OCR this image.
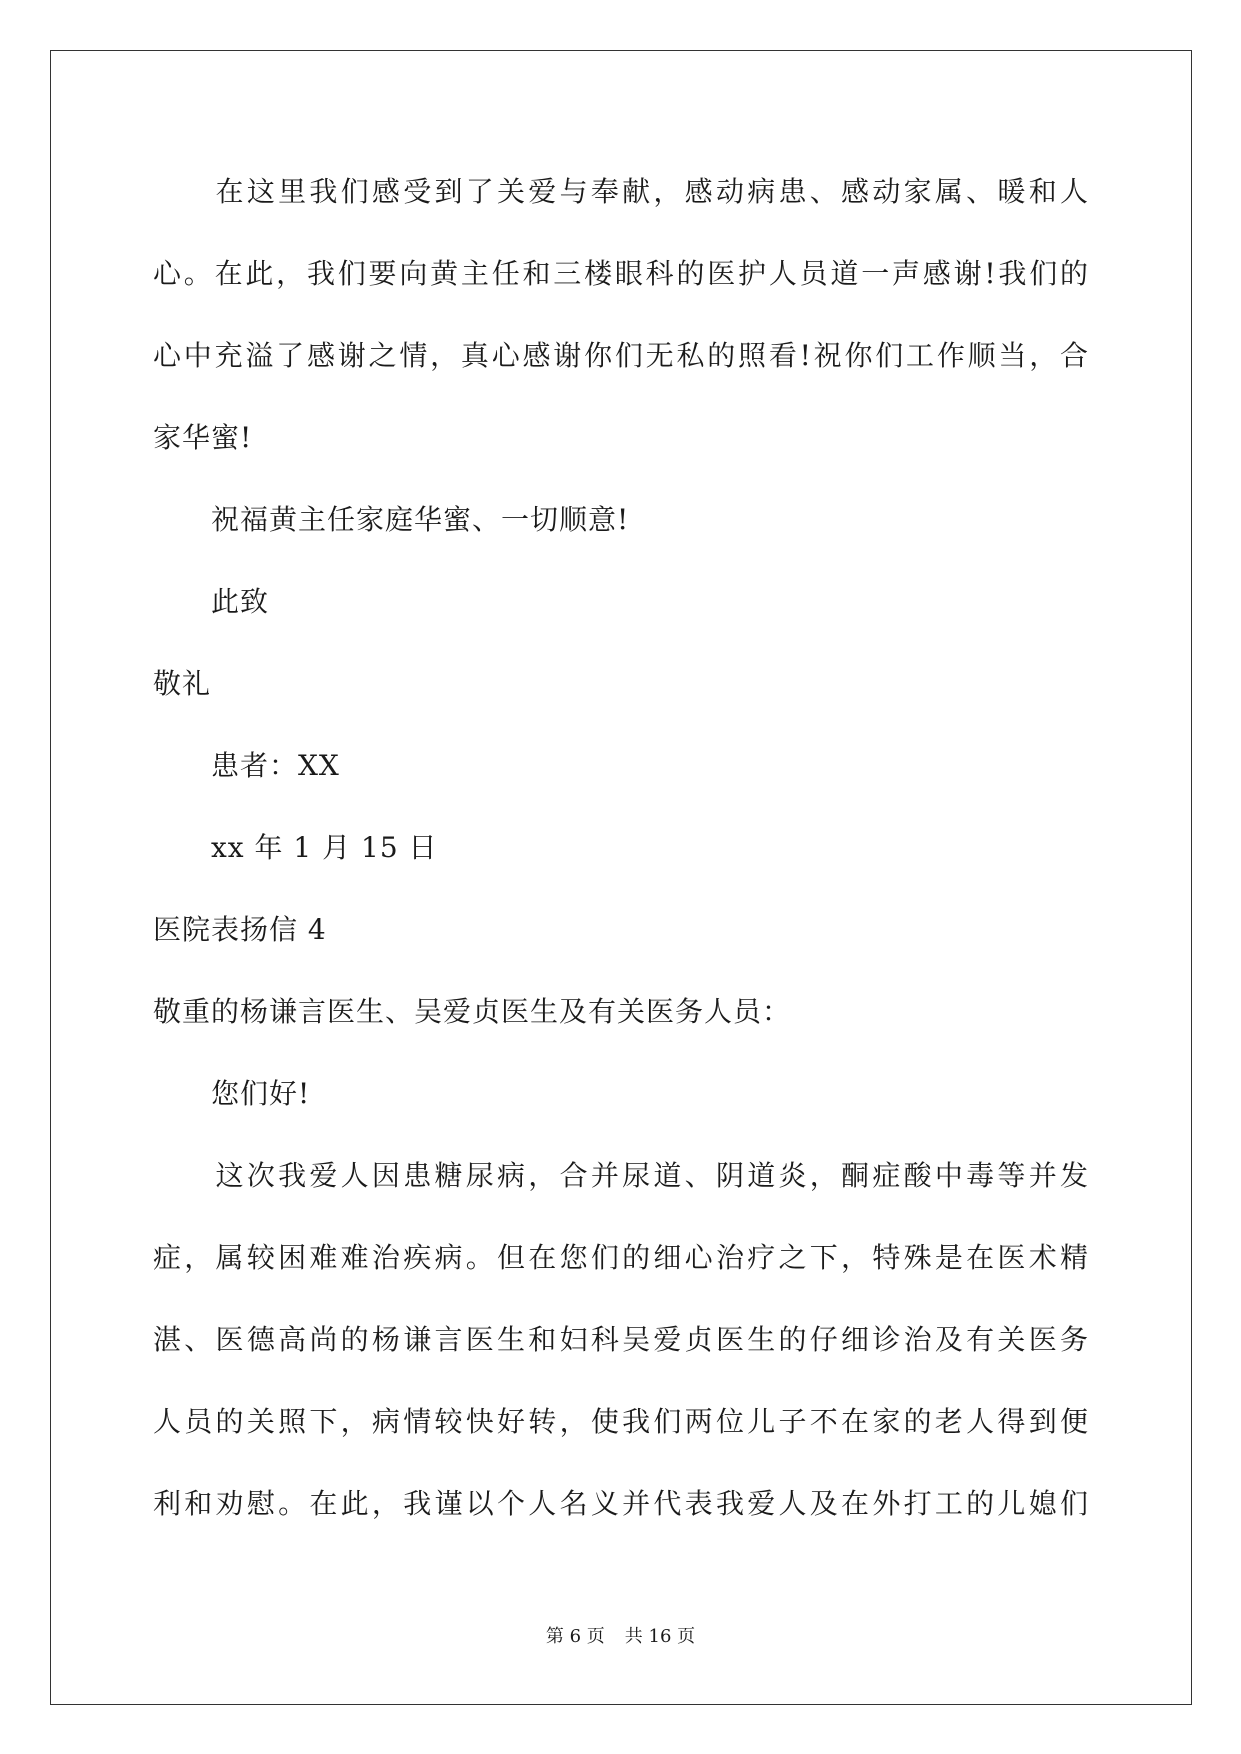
　　在这里我们感受到了关爱与奉献，感动病患、感动家属、暖和人
心。在此，我们要向黄主任和三楼眼科的医护人员道一声感谢!我们的
心中充溢了感谢之情，真心感谢你们无私的照看!祝你们工作顺当，合
家华蜜!
　　祝福黄主任家庭华蜜、一切顺意!
　　此致
敬礼
　　患者：XX
　　xx 年 1 月 15 日
医院表扬信 4
敬重的杨谦言医生、吴爱贞医生及有关医务人员：
　　您们好!
　　这次我爱人因患糖尿病，合并尿道、阴道炎，酮症酸中毒等并发
症，属较困难难治疾病。但在您们的细心治疗之下，特殊是在医术精
湛、医德高尚的杨谦言医生和妇科吴爱贞医生的仔细诊治及有关医务
人员的关照下，病情较快好转，使我们两位儿子不在家的老人得到便
利和劝慰。在此，我谨以个人名义并代表我爱人及在外打工的儿媳们
第 6 页 共 16 页
